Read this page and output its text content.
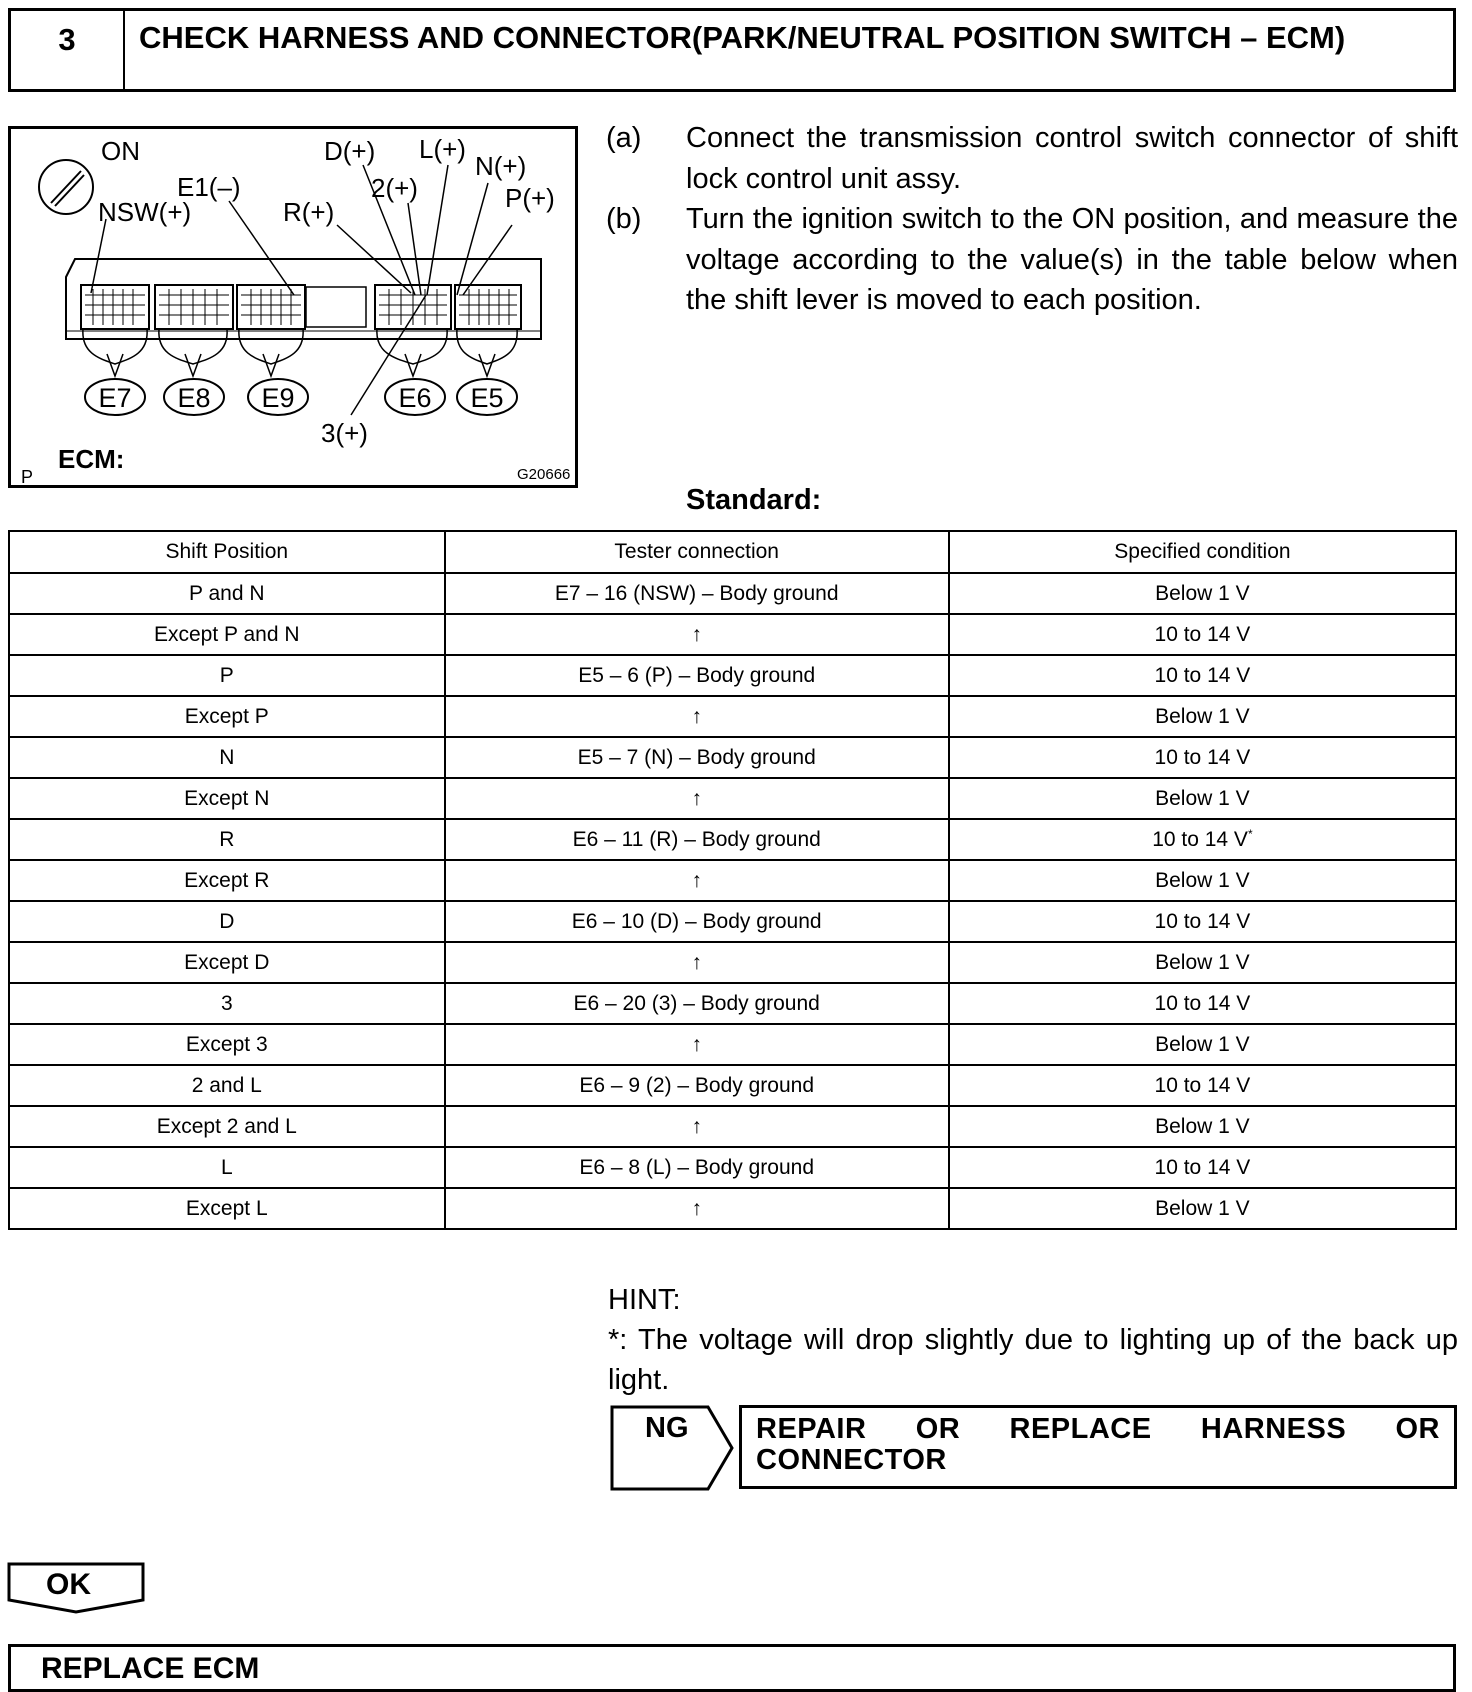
3	CHECK HARNESS AND CONNECTOR(PARK/NEUTRAL POSITION SWITCH – ECM)
E7 E8 E9	E6 E5
ON
E1(–)
NSW(+)	R(+)
D(+)
2(+)
L(+)
N(+)
P(+)
3(+)
ECM:
P	G20666
(a)	Connect the transmission control switch connector of shift lock control unit assy.
(b)	Turn the ignition switch to the ON position, and measure the voltage according to the value(s) in the table below when the shift lever is moved to each position.
Standard:
Shift Position	Tester connection	Specified condition
P and N	E7 – 16 (NSW) – Body ground	Below 1 V
Except P and N	↑	10 to 14 V
P	E5 – 6 (P) – Body ground	10 to 14 V
Except P	↑	Below 1 V
N	E5 – 7 (N) – Body ground	10 to 14 V
Except N	↑	Below 1 V
R	E6 – 11 (R) – Body ground	10 to 14 V*
Except R	↑	Below 1 V
D	E6 – 10 (D) – Body ground	10 to 14 V
Except D	↑	Below 1 V
3	E6 – 20 (3) – Body ground	10 to 14 V
Except 3	↑	Below 1 V
2 and L	E6 – 9 (2) – Body ground	10 to 14 V
Except 2 and L	↑	Below 1 V
L	E6 – 8 (L) – Body ground	10 to 14 V
Except L	↑	Below 1 V
HINT:
*: The voltage will drop slightly due to lighting up of the back up light.
NG REPAIR OR REPLACE HARNESS OR CONNECTOR
OK
REPLACE ECM
